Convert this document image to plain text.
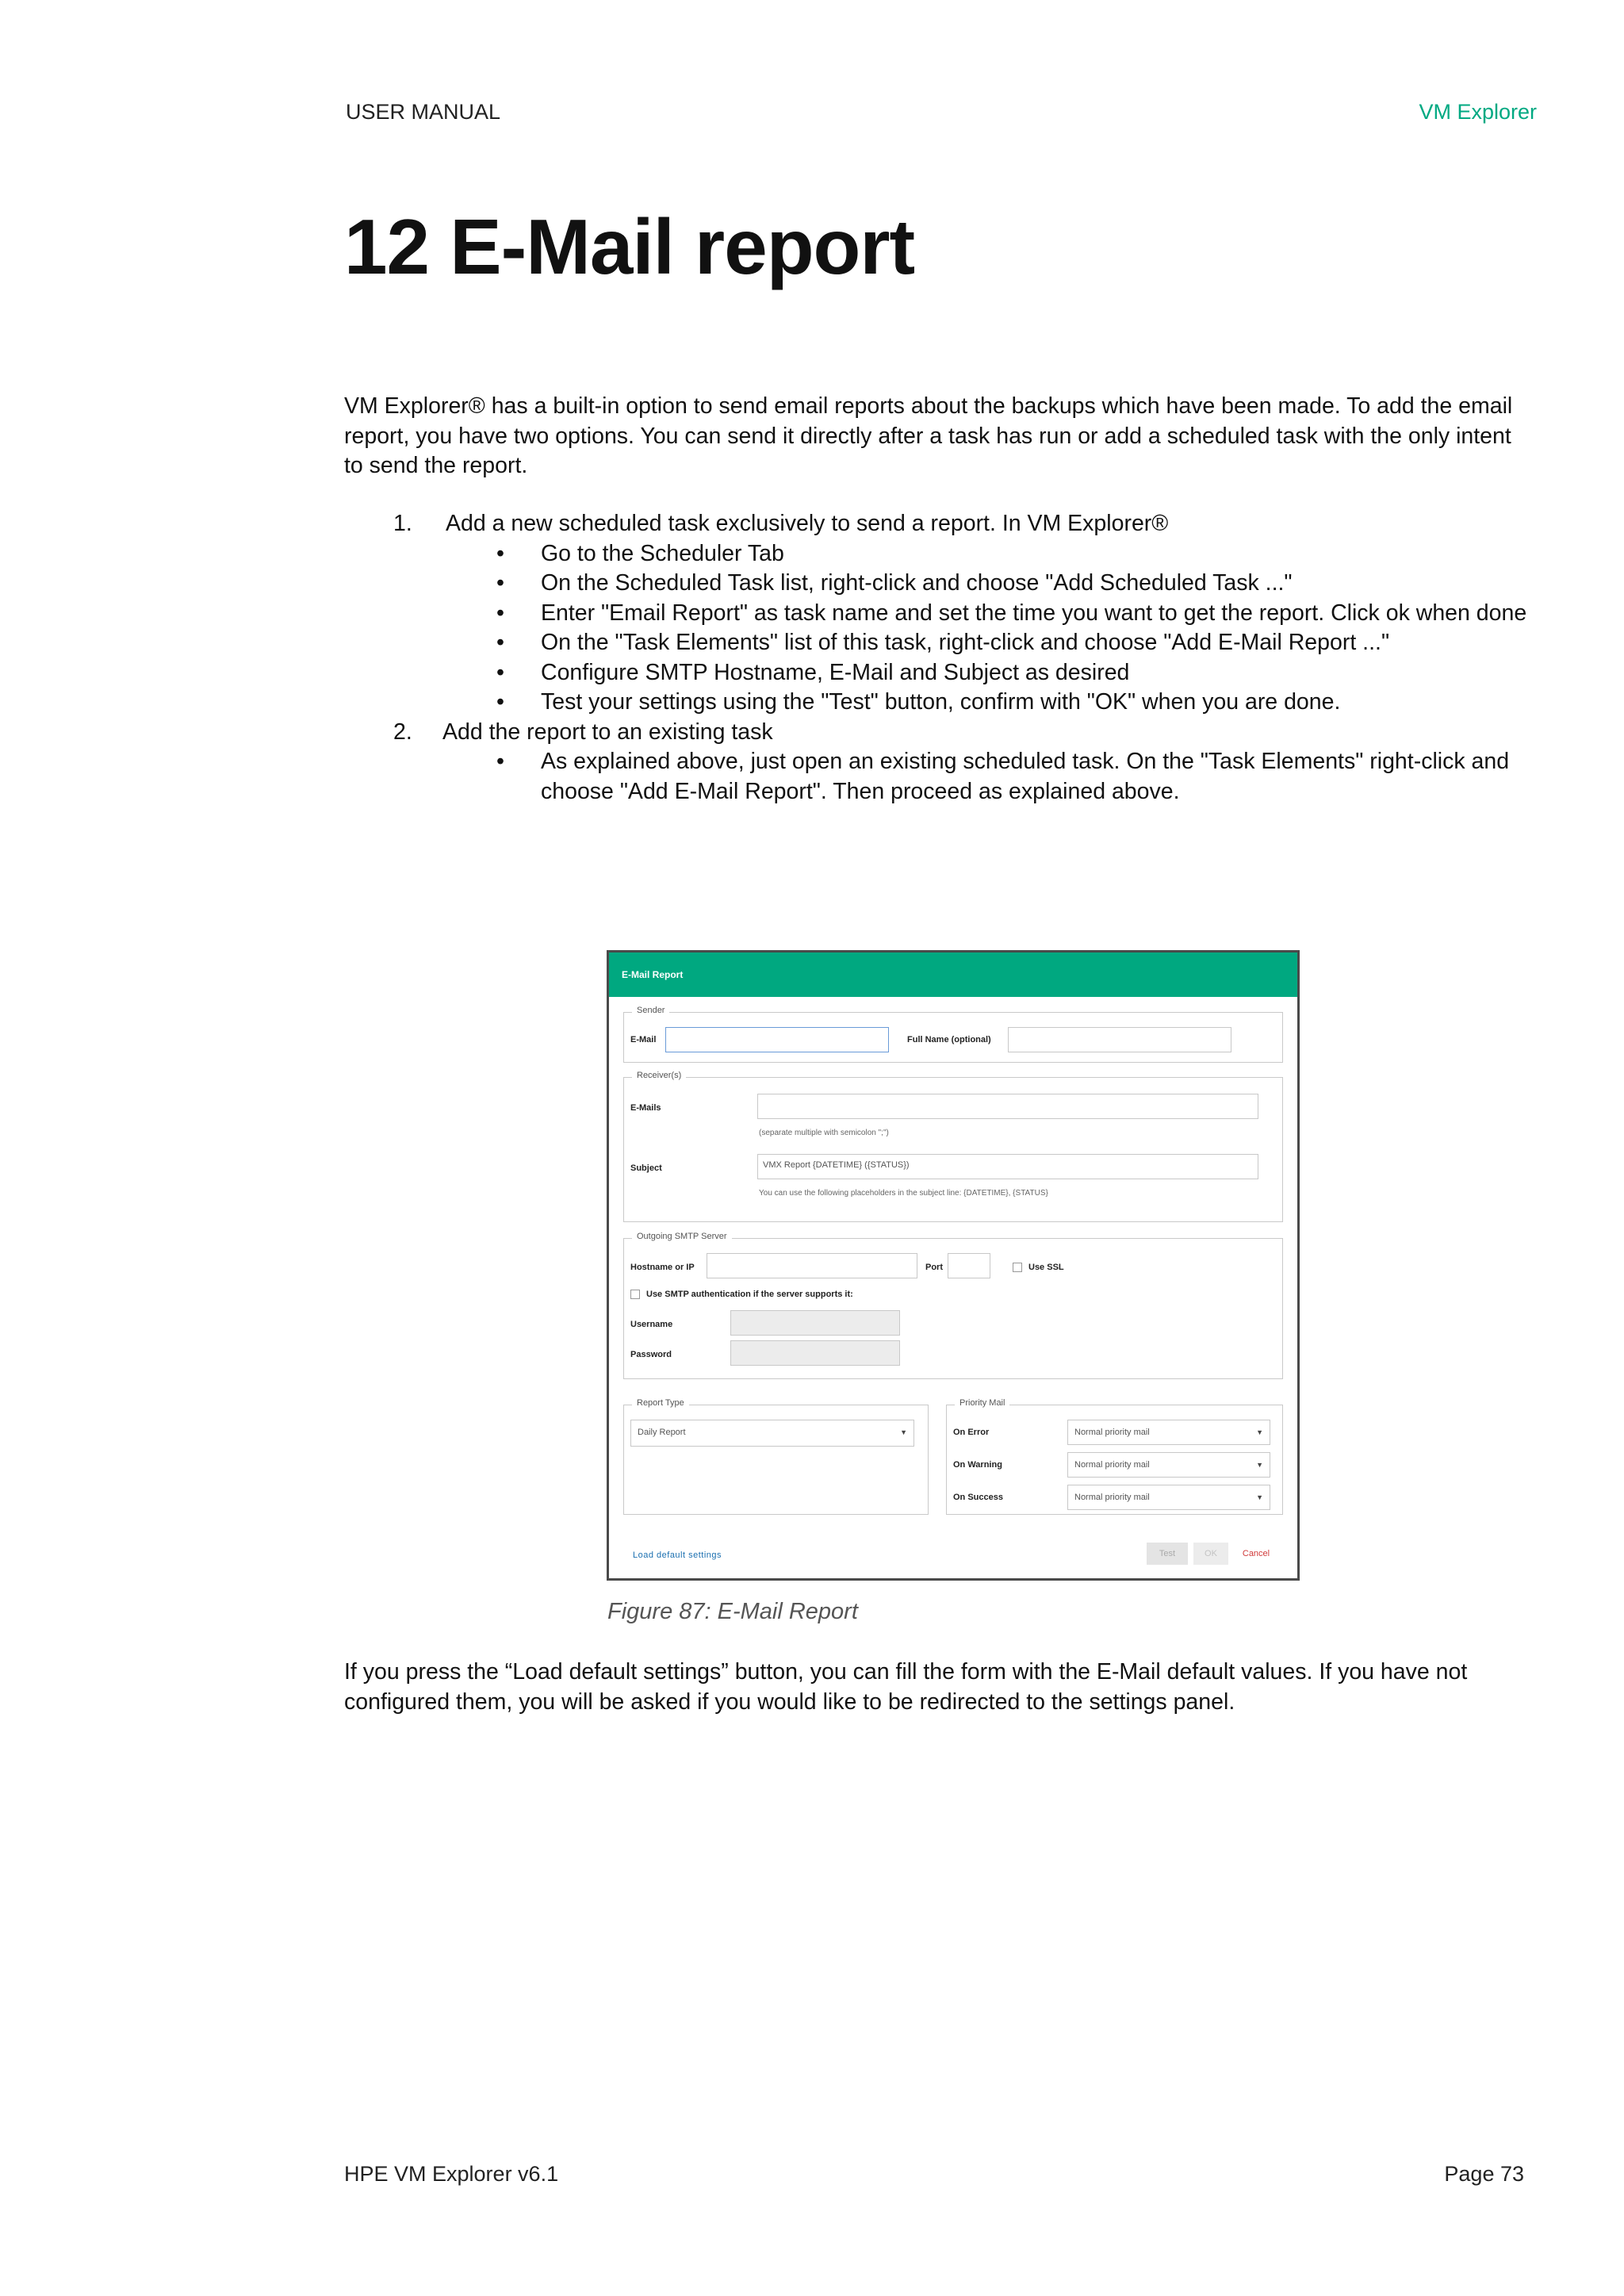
USER MANUAL	VM Explorer
12 E-Mail report

VM Explorer® has a built-in option to send email reports about the backups which have been made. To add the email report, you have two options. You can send it directly after a task has run or add a scheduled task with the only intent to send the report.

1. Add a new scheduled task exclusively to send a report. In VM Explorer®
• Go to the Scheduler Tab
• On the Scheduled Task list, right-click and choose "Add Scheduled Task ..."
• Enter "Email Report" as task name and set the time you want to get the report. Click ok when done
• On the "Task Elements" list of this task, right-click and choose "Add E-Mail Report ..."
• Configure SMTP Hostname, E-Mail and Subject as desired
• Test your settings using the "Test" button, confirm with "OK" when you are done.
2. Add the report to an existing task
• As explained above, just open an existing scheduled task. On the "Task Elements" right-click and choose "Add E-Mail Report". Then proceed as explained above.
E-Mail Report
Sender
E-Mail	Full Name (optional)
Receiver(s)
E-Mails
(separate multiple with semicolon ";")
Subject	VMX Report {DATETIME} ({STATUS})
You can use the following placeholders in the subject line: {DATETIME}, {STATUS}
Outgoing SMTP Server
Hostname or IP	Port	Use SSL
Use SMTP authentication if the server supports it:
Username
Password
Report Type
Daily Report	▼
Priority Mail
On Error	Normal priority mail	▼
On Warning	Normal priority mail	▼
On Success	Normal priority mail	▼
Load default settings	Test	OK	Cancel
Figure 87: E-Mail Report

If you press the “Load default settings” button, you can fill the form with the E-Mail default values. If you have not configured them, you will be asked if you would like to be redirected to the settings panel.

HPE VM Explorer v6.1	Page 73
